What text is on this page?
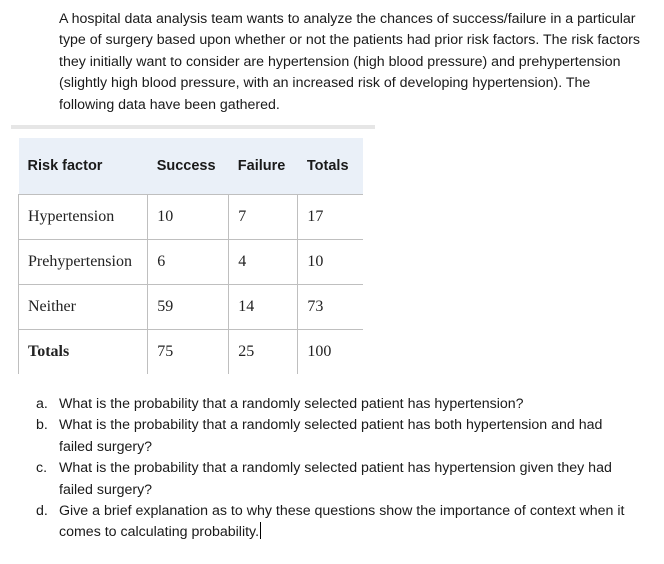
A hospital data analysis team wants to analyze the chances of success/failure in a particular type of surgery based upon whether or not the patients had prior risk factors. The risk factors they initially want to consider are hypertension (high blood pressure) and prehypertension (slightly high blood pressure, with an increased risk of developing hypertension). The following data have been gathered.

Risk factor	Success	Failure	Totals
Hypertension	10	7	17
Prehypertension	6	4	10
Neither	59	14	73
Totals	75	25	100
a. What is the probability that a randomly selected patient has hypertension?
b. What is the probability that a randomly selected patient has both hypertension and had failed surgery?
c. What is the probability that a randomly selected patient has hypertension given they had failed surgery?
d. Give a brief explanation as to why these questions show the importance of context when it comes to calculating probability.
